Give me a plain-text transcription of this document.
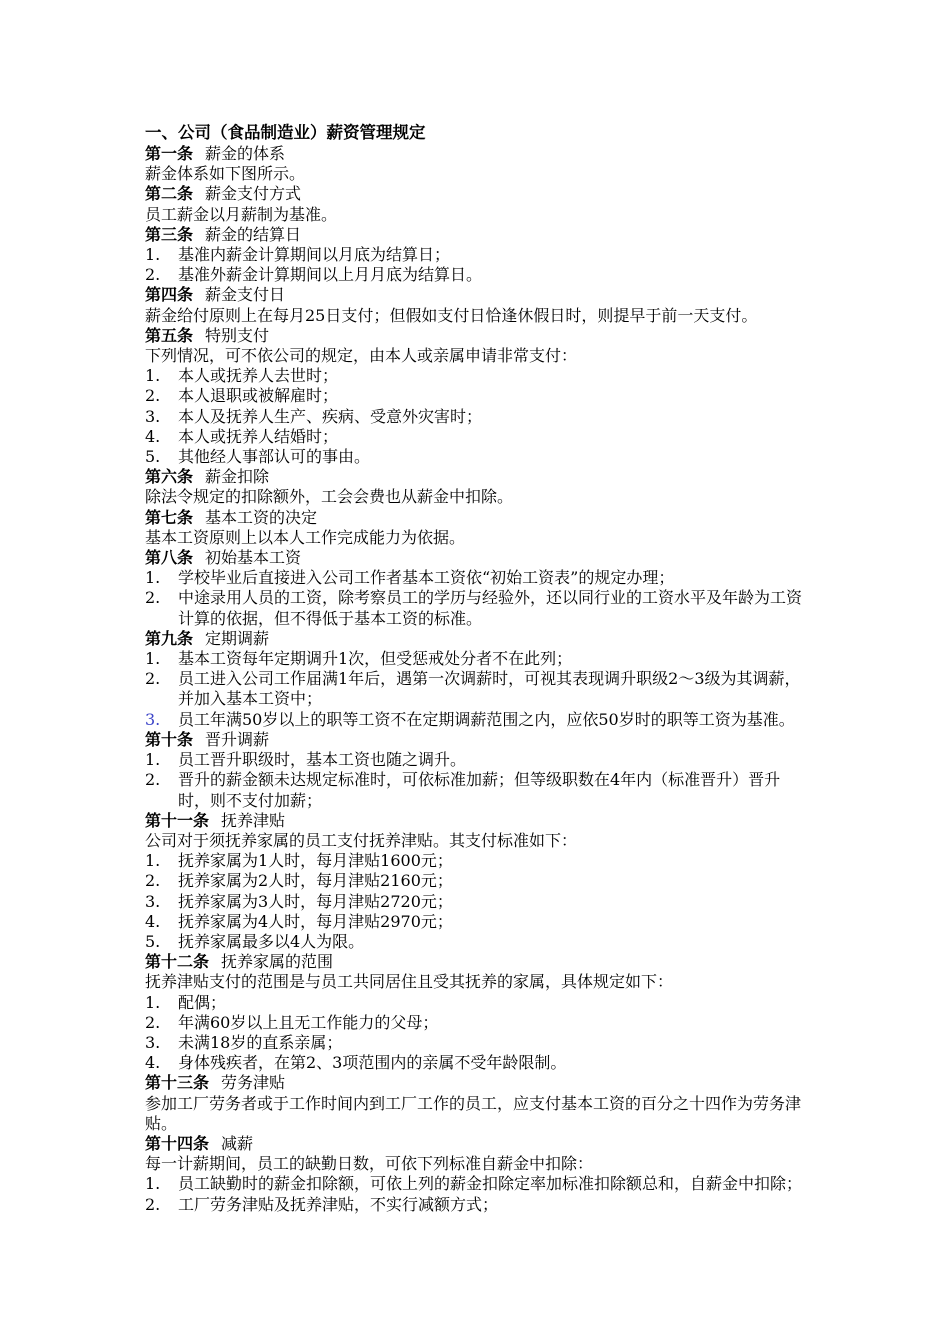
一、公司（食品制造业）薪资管理规定
第一条 薪金的体系
薪金体系如下图所示。
第二条 薪金支付方式
员工薪金以月薪制为基准。
第三条 薪金的结算日
1.	基准内薪金计算期间以月底为结算日；
2.	基准外薪金计算期间以上月月底为结算日。
第四条 薪金支付日
薪金给付原则上在每月25日支付；但假如支付日恰逢休假日时，则提早于前一天支付。
第五条 特别支付
下列情况，可不依公司的规定，由本人或亲属申请非常支付：
1.	本人或抚养人去世时；
2.	本人退职或被解雇时；
3.	本人及抚养人生产、疾病、受意外灾害时；
4.	本人或抚养人结婚时；
5.	其他经人事部认可的事由。
第六条 薪金扣除
除法令规定的扣除额外，工会会费也从薪金中扣除。
第七条 基本工资的决定
基本工资原则上以本人工作完成能力为依据。
第八条 初始基本工资
1.	学校毕业后直接进入公司工作者基本工资依“初始工资表”的规定办理；
2.	中途录用人员的工资，除考察员工的学历与经验外，还以同行业的工资水平及年龄为工资计算的依据，但不得低于基本工资的标准。
第九条 定期调薪
1.	基本工资每年定期调升1次，但受惩戒处分者不在此列；
2.	员工进入公司工作届满1年后，遇第一次调薪时，可视其表现调升职级2～3级为其调薪，并加入基本工资中；
3.	员工年满50岁以上的职等工资不在定期调薪范围之内，应依50岁时的职等工资为基准。
第十条 晋升调薪
1.	员工晋升职级时，基本工资也随之调升。
2.	晋升的薪金额未达规定标准时，可依标准加薪；但等级职数在4年内（标准晋升）晋升时，则不支付加薪；
第十一条 抚养津贴
公司对于须抚养家属的员工支付抚养津贴。其支付标准如下：
1.	抚养家属为1人时，每月津贴1600元；
2.	抚养家属为2人时，每月津贴2160元；
3.	抚养家属为3人时，每月津贴2720元；
4.	抚养家属为4人时，每月津贴2970元；
5.	抚养家属最多以4人为限。
第十二条 抚养家属的范围
抚养津贴支付的范围是与员工共同居住且受其抚养的家属，具体规定如下：
1.	配偶；
2.	年满60岁以上且无工作能力的父母；
3.	未满18岁的直系亲属；
4.	身体残疾者，在第2、3项范围内的亲属不受年龄限制。
第十三条 劳务津贴
参加工厂劳务者或于工作时间内到工厂工作的员工，应支付基本工资的百分之十四作为劳务津贴。
第十四条 减薪
每一计薪期间，员工的缺勤日数，可依下列标准自薪金中扣除：
1.	员工缺勤时的薪金扣除额，可依上列的薪金扣除定率加标准扣除额总和，自薪金中扣除；
2.	工厂劳务津贴及抚养津贴，不实行减额方式；
